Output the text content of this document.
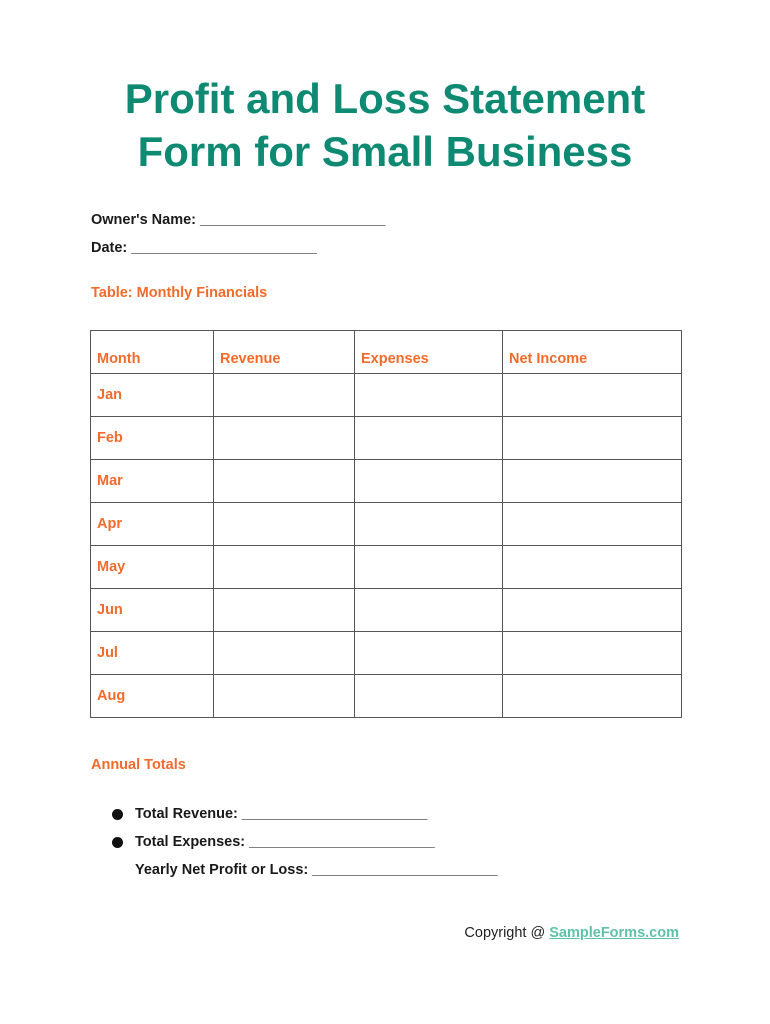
Profit and Loss Statement
Form for Small Business
Owner's Name: _______________________
Date: _______________________
Table: Monthly Financials
Month	Revenue	Expenses	Net Income
Jan			
Feb			
Mar			
Apr			
May			
Jun			
Jul			
Aug			
Annual Totals
Total Revenue: _______________________
Total Expenses: _______________________
Yearly Net Profit or Loss: _______________________
Copyright @ SampleForms.com
